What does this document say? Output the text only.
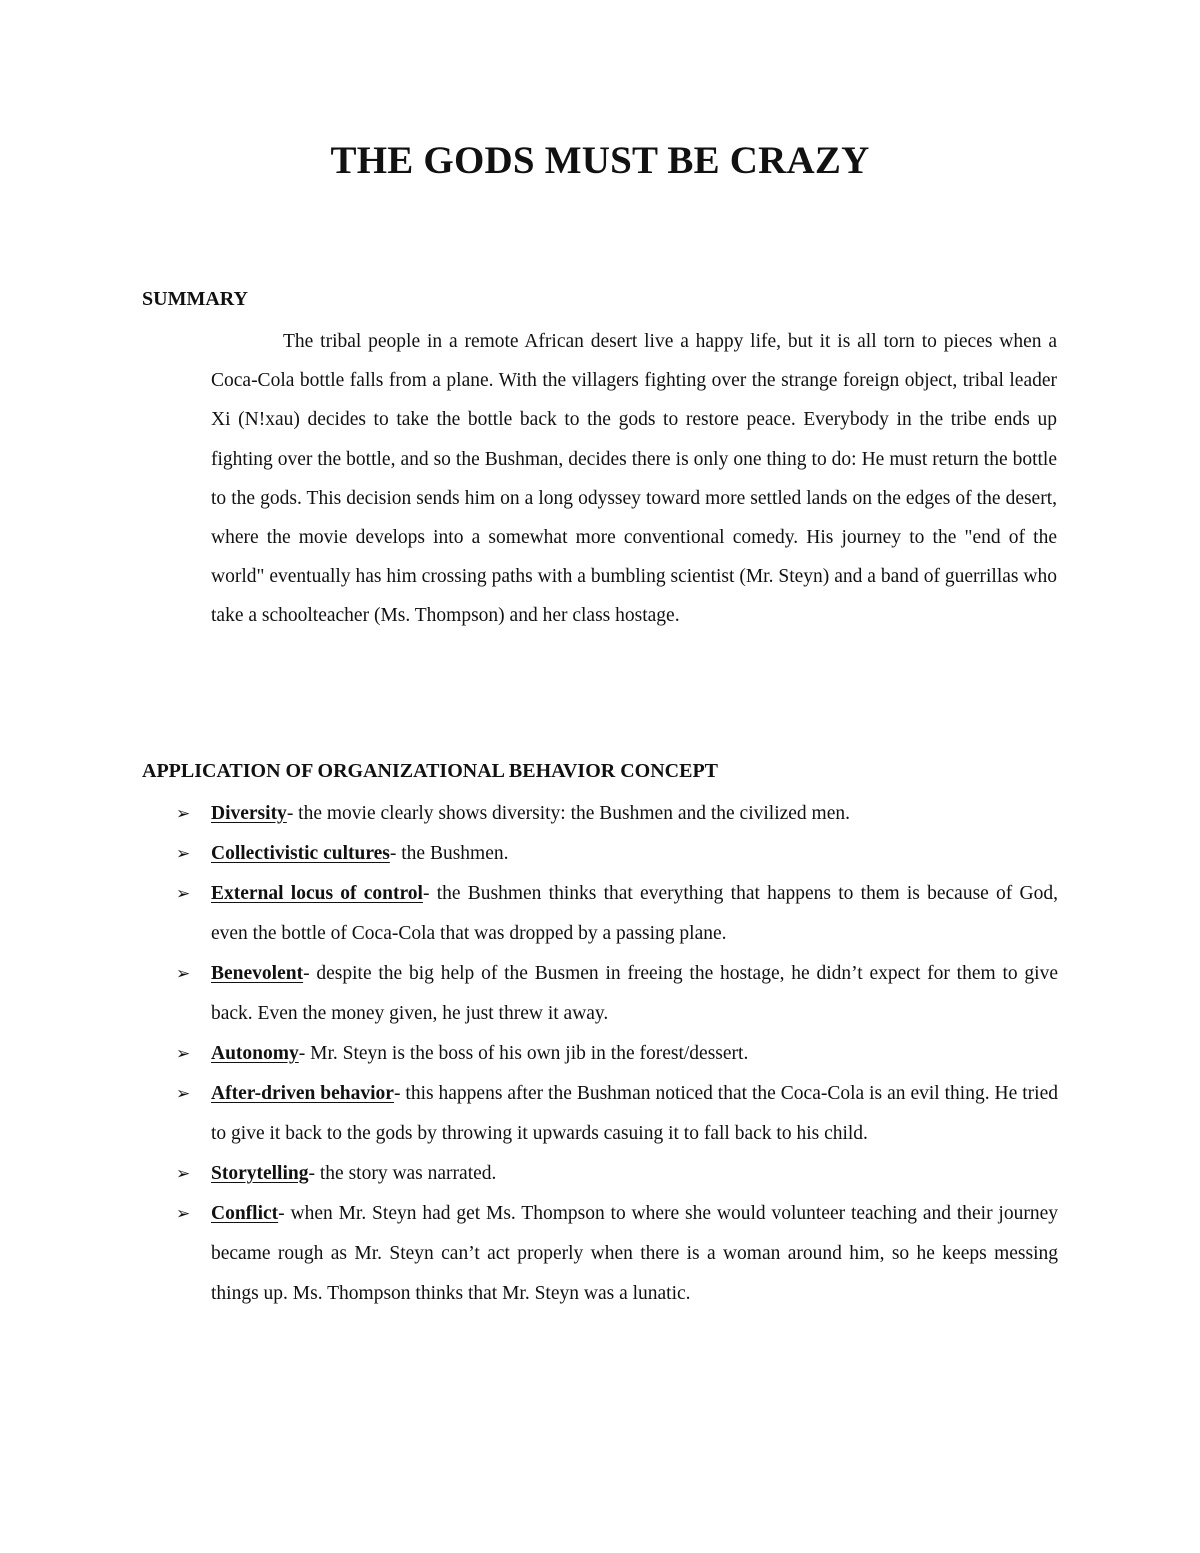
THE GODS MUST BE CRAZY
SUMMARY

The tribal people in a remote African desert live a happy life, but it is all torn to pieces when a Coca-Cola bottle falls from a plane. With the villagers fighting over the strange foreign object, tribal leader Xi (N!xau) decides to take the bottle back to the gods to restore peace. Everybody in the tribe ends up fighting over the bottle, and so the Bushman, decides there is only one thing to do: He must return the bottle to the gods. This decision sends him on a long odyssey toward more settled lands on the edges of the desert, where the movie develops into a somewhat more conventional comedy. His journey to the "end of the world" eventually has him crossing paths with a bumbling scientist (Mr. Steyn) and a band of guerrillas who take a schoolteacher (Ms. Thompson) and her class hostage.

APPLICATION OF ORGANIZATIONAL BEHAVIOR CONCEPT
➢ Diversity- the movie clearly shows diversity: the Bushmen and the civilized men.
➢ Collectivistic cultures- the Bushmen.
➢ External locus of control- the Bushmen thinks that everything that happens to them is because of God, even the bottle of Coca-Cola that was dropped by a passing plane.
➢ Benevolent- despite the big help of the Busmen in freeing the hostage, he didn’t expect for them to give back. Even the money given, he just threw it away.
➢ Autonomy- Mr. Steyn is the boss of his own jib in the forest/dessert.
➢ After-driven behavior- this happens after the Bushman noticed that the Coca-Cola is an evil thing. He tried to give it back to the gods by throwing it upwards casuing it to fall back to his child.
➢ Storytelling- the story was narrated.
➢ Conflict- when Mr. Steyn had get Ms. Thompson to where she would volunteer teaching and their journey became rough as Mr. Steyn can’t act properly when there is a woman around him, so he keeps messing things up. Ms. Thompson thinks that Mr. Steyn was a lunatic.
